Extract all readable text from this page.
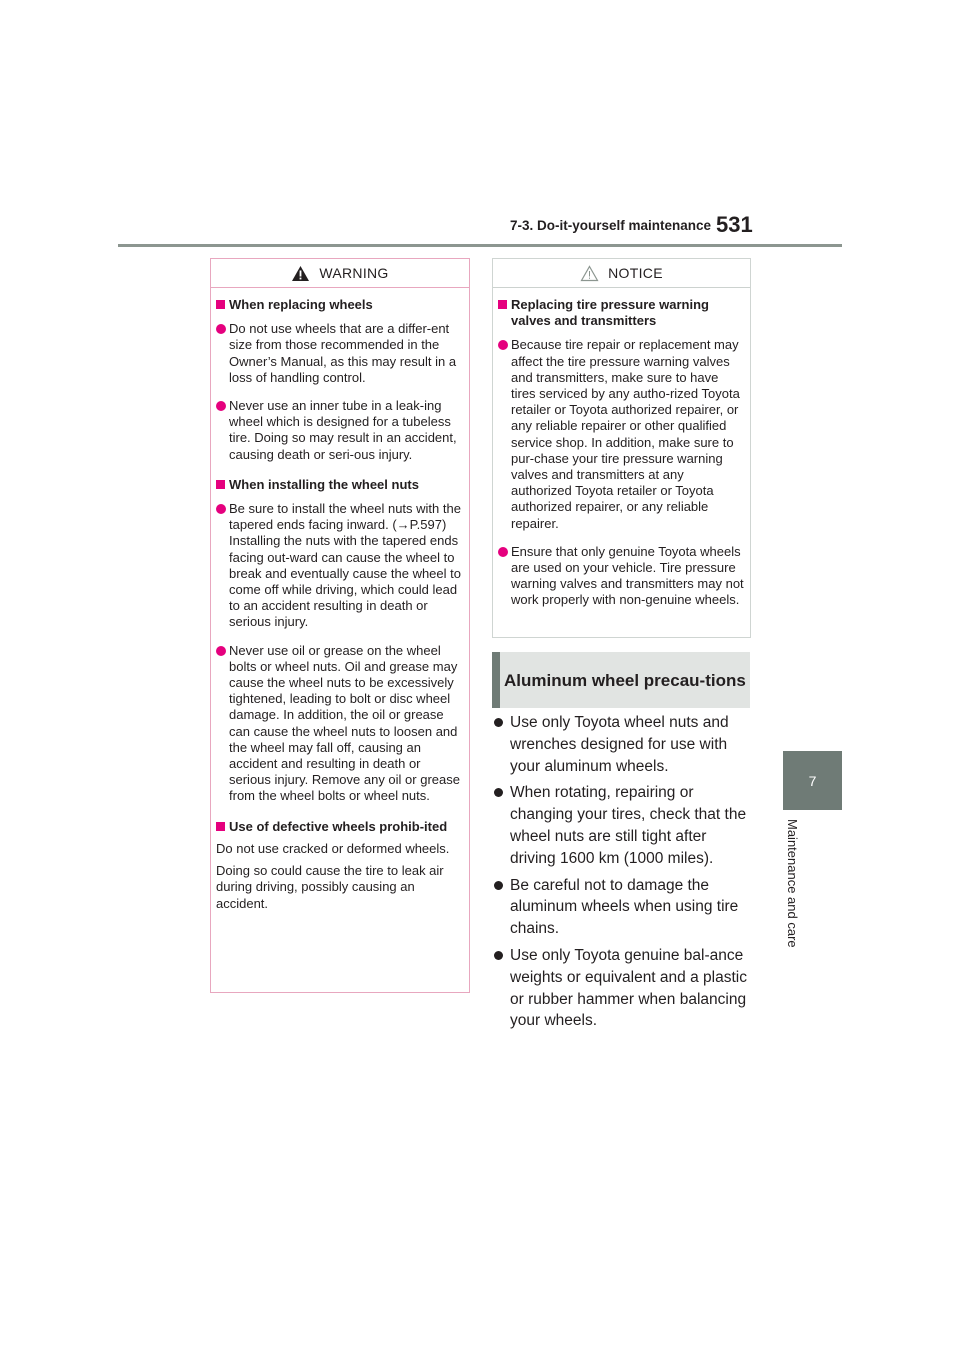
7-3. Do-it-yourself maintenance 531
7
Maintenance and care
WARNING
When replacing wheels
Do not use wheels that are a differ-ent size from those recommended in the Owner’s Manual, as this may result in a loss of handling control.
Never use an inner tube in a leak-ing wheel which is designed for a tubeless tire. Doing so may result in an accident, causing death or seri-ous injury.
When installing the wheel nuts
Be sure to install the wheel nuts with the tapered ends facing inward. (→P.597) Installing the nuts with the tapered ends facing out-ward can cause the wheel to break and eventually cause the wheel to come off while driving, which could lead to an accident resulting in death or serious injury.
Never use oil or grease on the wheel bolts or wheel nuts. Oil and grease may cause the wheel nuts to be excessively tightened, leading to bolt or disc wheel damage. In addition, the oil or grease can cause the wheel nuts to loosen and the wheel may fall off, causing an accident and resulting in death or serious injury. Remove any oil or grease from the wheel bolts or wheel nuts.
Use of defective wheels prohib-ited
Do not use cracked or deformed wheels.
Doing so could cause the tire to leak air during driving, possibly causing an accident.
NOTICE
Replacing tire pressure warning valves and transmitters
Because tire repair or replacement may affect the tire pressure warning valves and transmitters, make sure to have tires serviced by any autho-rized Toyota retailer or Toyota authorized repairer, or any reliable repairer or other qualified service shop. In addition, make sure to pur-chase your tire pressure warning valves and transmitters at any authorized Toyota retailer or Toyota authorized repairer, or any reliable repairer.
Ensure that only genuine Toyota wheels are used on your vehicle. Tire pressure warning valves and transmitters may not work properly with non-genuine wheels.
Aluminum wheel precau-tions
Use only Toyota wheel nuts and wrenches designed for use with your aluminum wheels.
When rotating, repairing or changing your tires, check that the wheel nuts are still tight after driving 1600 km (1000 miles).
Be careful not to damage the aluminum wheels when using tire chains.
Use only Toyota genuine bal-ance weights or equivalent and a plastic or rubber hammer when balancing your wheels.
